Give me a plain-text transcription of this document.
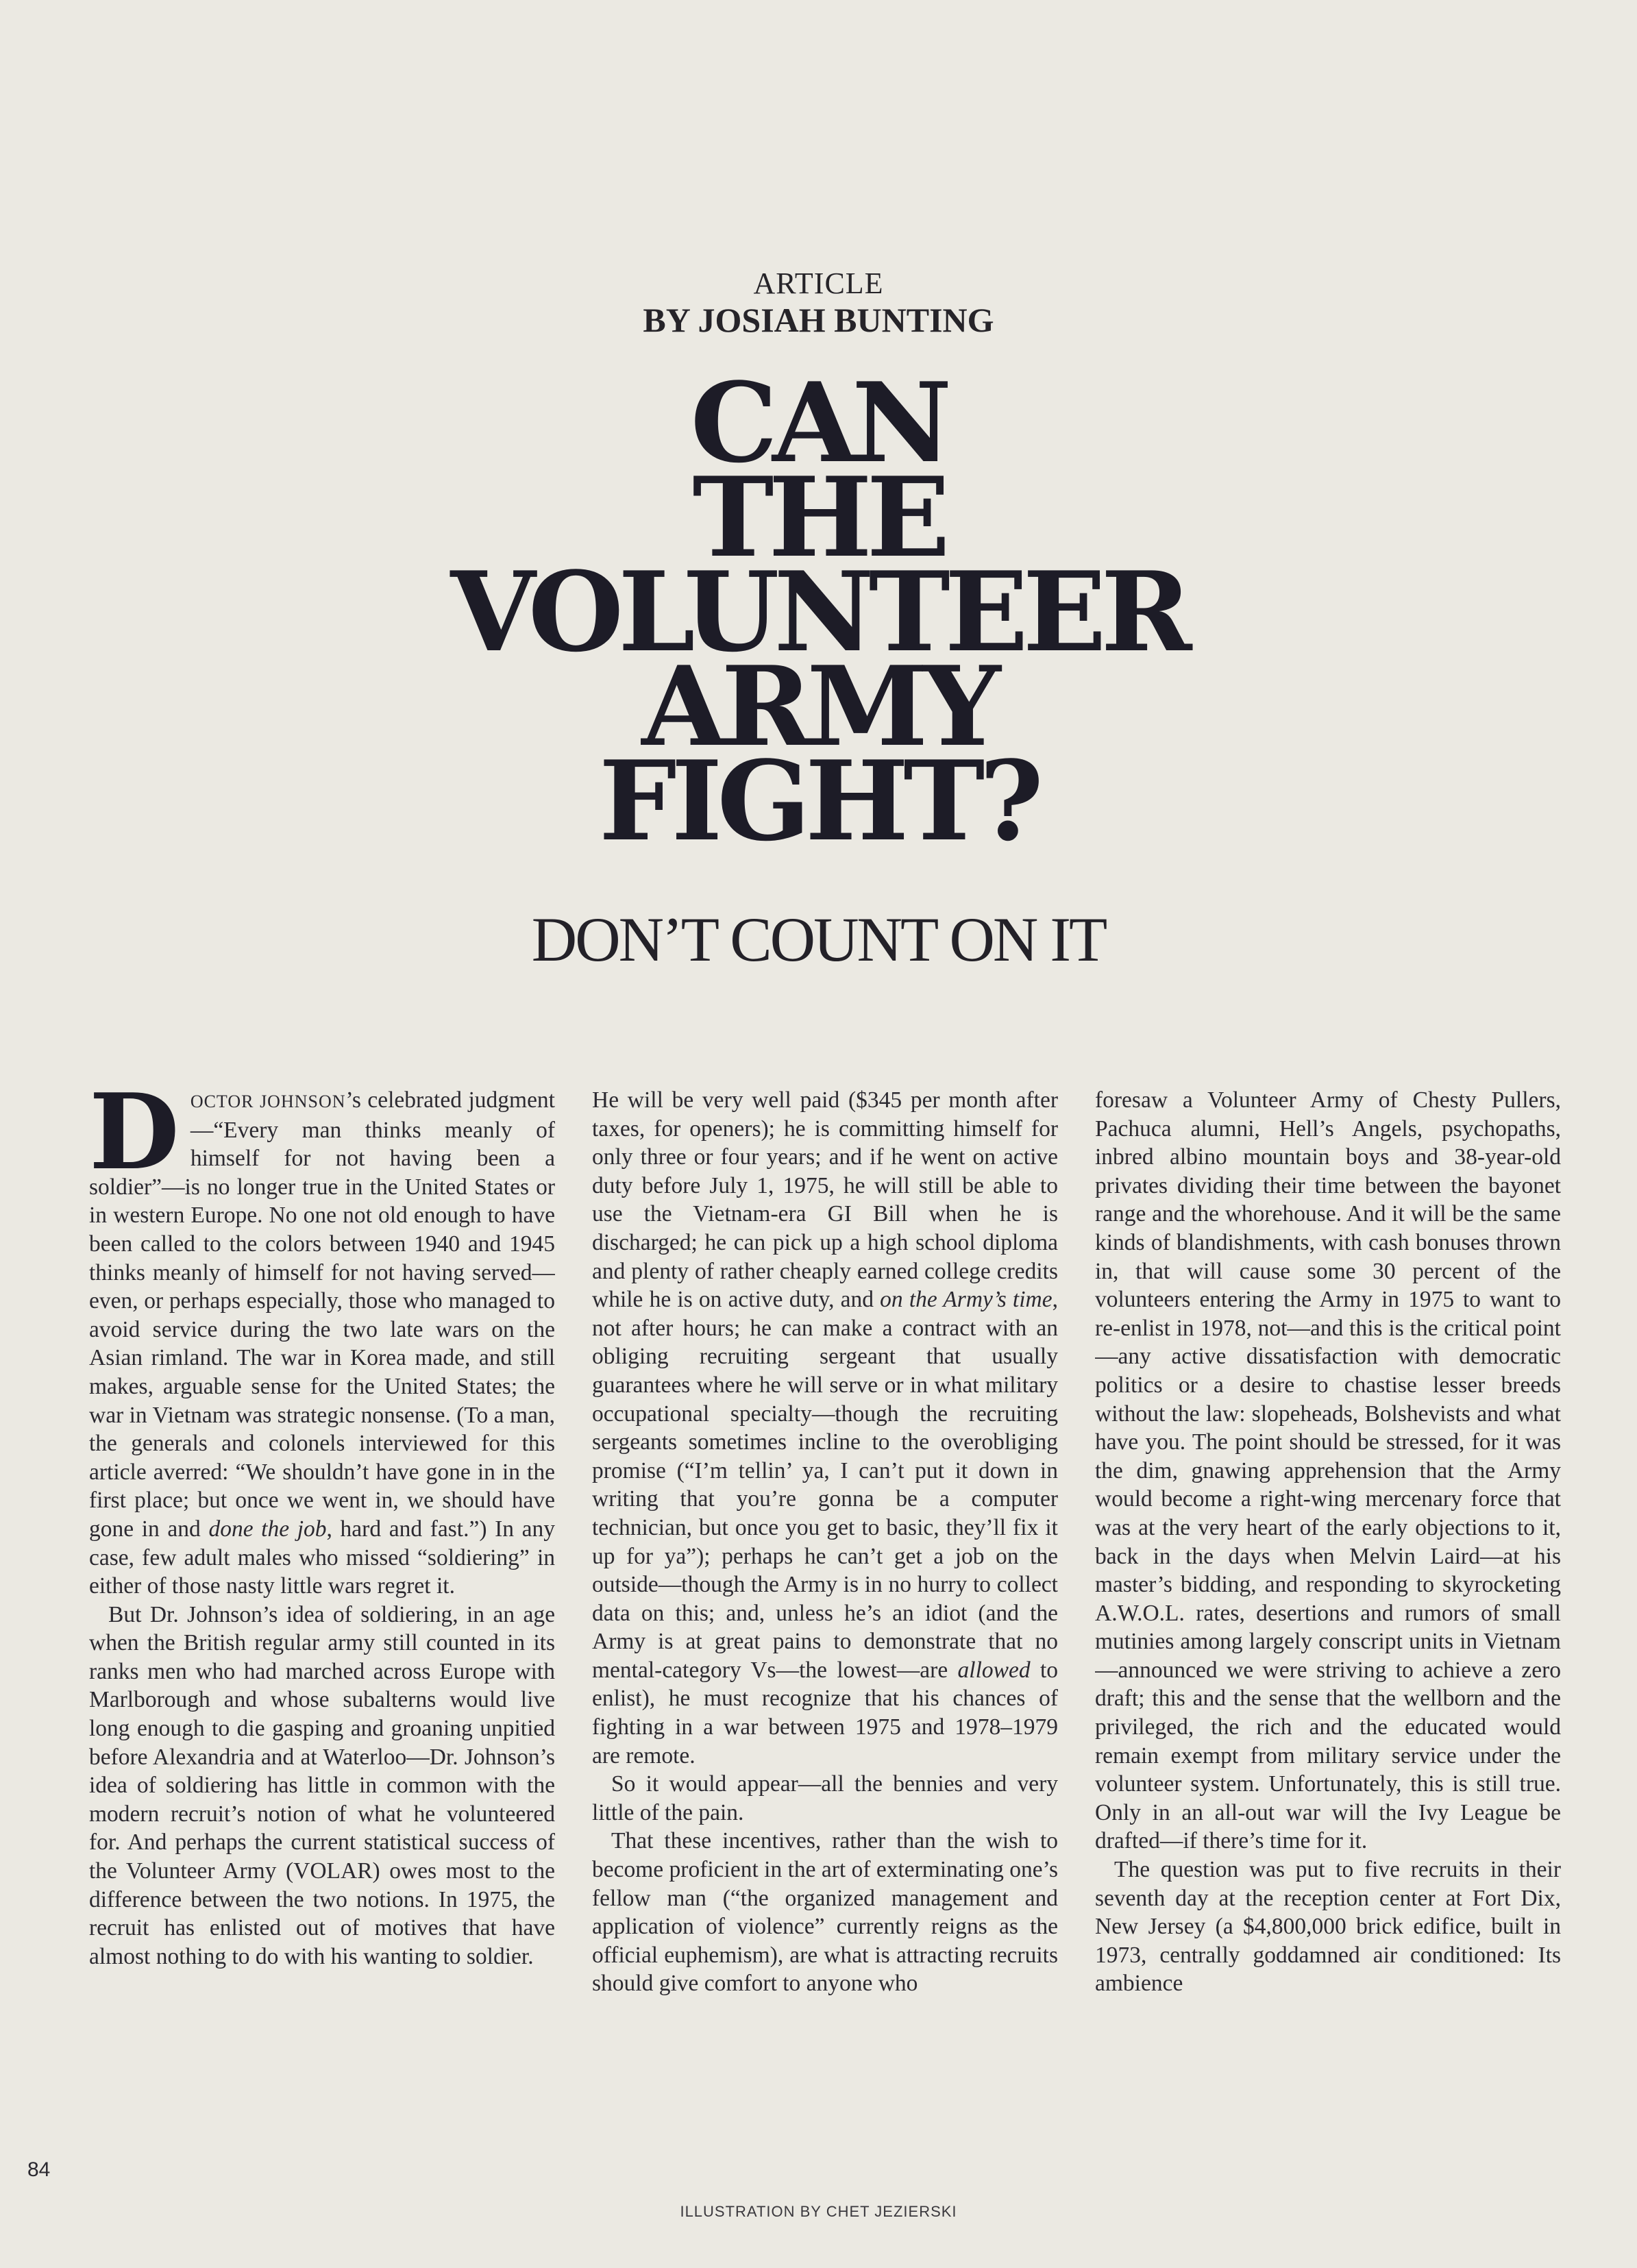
ARTICLE
BY JOSIAH BUNTING
CAN
THE
VOLUNTEER
ARMY
FIGHT?
DON’T COUNT ON IT

DOCTOR JOHNSON’s celebrated judgment—“Every man thinks meanly of himself for not having been a soldier”—is no longer true in the United States or in western Europe. No one not old enough to have been called to the colors between 1940 and 1945 thinks meanly of himself for not having served—even, or perhaps especially, those who managed to avoid service during the two late wars on the Asian rimland. The war in Korea made, and still makes, arguable sense for the United States; the war in Vietnam was strategic nonsense. (To a man, the generals and colonels interviewed for this article averred: “We shouldn’t have gone in in the first place; but once we went in, we should have gone in and done the job, hard and fast.”) In any case, few adult males who missed “soldiering” in either of those nasty little wars regret it.

But Dr. Johnson’s idea of soldiering, in an age when the British regular army still counted in its ranks men who had marched across Europe with Marlborough and whose subalterns would live long enough to die gasping and groaning unpitied before Alexandria and at Waterloo—Dr. Johnson’s idea of soldiering has little in common with the modern recruit’s notion of what he volunteered for. And perhaps the current statistical success of the Volunteer Army (VOLAR) owes most to the difference between the two notions. In 1975, the recruit has enlisted out of motives that have almost nothing to do with his wanting to soldier.

He will be very well paid ($345 per month after taxes, for openers); he is committing himself for only three or four years; and if he went on active duty before July 1, 1975, he will still be able to use the Vietnam-era GI Bill when he is discharged; he can pick up a high school diploma and plenty of rather cheaply earned college credits while he is on active duty, and on the Army’s time, not after hours; he can make a contract with an obliging recruiting sergeant that usually guarantees where he will serve or in what military occupational specialty—though the recruiting sergeants sometimes incline to the overobliging promise (“I’m tellin’ ya, I can’t put it down in writing that you’re gonna be a computer technician, but once you get to basic, they’ll fix it up for ya”); perhaps he can’t get a job on the outside—though the Army is in no hurry to collect data on this; and, unless he’s an idiot (and the Army is at great pains to demonstrate that no mental-category Vs—the lowest—are allowed to enlist), he must recognize that his chances of fighting in a war between 1975 and 1978–1979 are remote.

So it would appear—all the bennies and very little of the pain.

That these incentives, rather than the wish to become proficient in the art of exterminating one’s fellow man (“the organized management and application of violence” currently reigns as the official euphemism), are what is attracting recruits should give comfort to anyone who

foresaw a Volunteer Army of Chesty Pullers, Pachuca alumni, Hell’s Angels, psychopaths, inbred albino mountain boys and 38-year-old privates dividing their time between the bayonet range and the whorehouse. And it will be the same kinds of blandishments, with cash bonuses thrown in, that will cause some 30 percent of the volunteers entering the Army in 1975 to want to re-enlist in 1978, not—and this is the critical point—any active dissatisfaction with democratic politics or a desire to chastise lesser breeds without the law: slopeheads, Bolshevists and what have you. The point should be stressed, for it was the dim, gnawing apprehension that the Army would become a right-wing mercenary force that was at the very heart of the early objections to it, back in the days when Melvin Laird—at his master’s bidding, and responding to skyrocketing A.W.O.L. rates, desertions and rumors of small mutinies among largely conscript units in Vietnam—announced we were striving to achieve a zero draft; this and the sense that the wellborn and the privileged, the rich and the educated would remain exempt from military service under the volunteer system. Unfortunately, this is still true. Only in an all-out war will the Ivy League be drafted—if there’s time for it.

The question was put to five recruits in their seventh day at the reception center at Fort Dix, New Jersey (a $4,800,000 brick edifice, built in 1973, centrally goddamned air conditioned: Its ambience

84
ILLUSTRATION BY CHET JEZIERSKI
